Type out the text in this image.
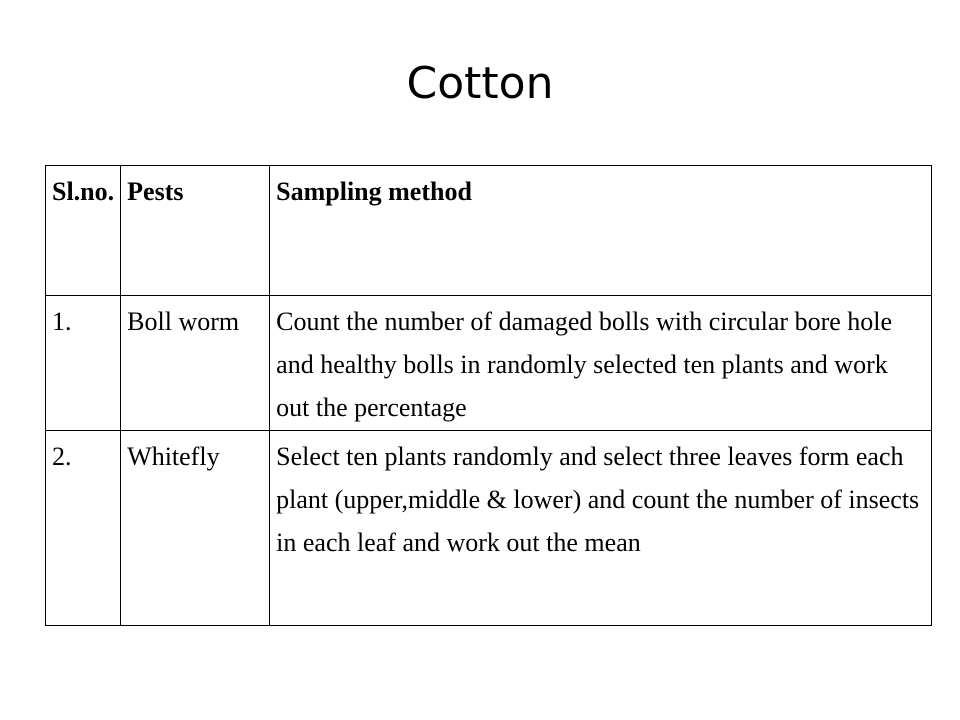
Cotton
Sl.no.	Pests	Sampling method
1.	Boll worm	Count the number of damaged bolls with circular bore hole and healthy bolls in randomly selected ten plants and work out the percentage
2.	Whitefly	Select ten plants randomly and select three leaves form each plant (upper,middle & lower) and count the number of insects in each leaf and work out the mean
